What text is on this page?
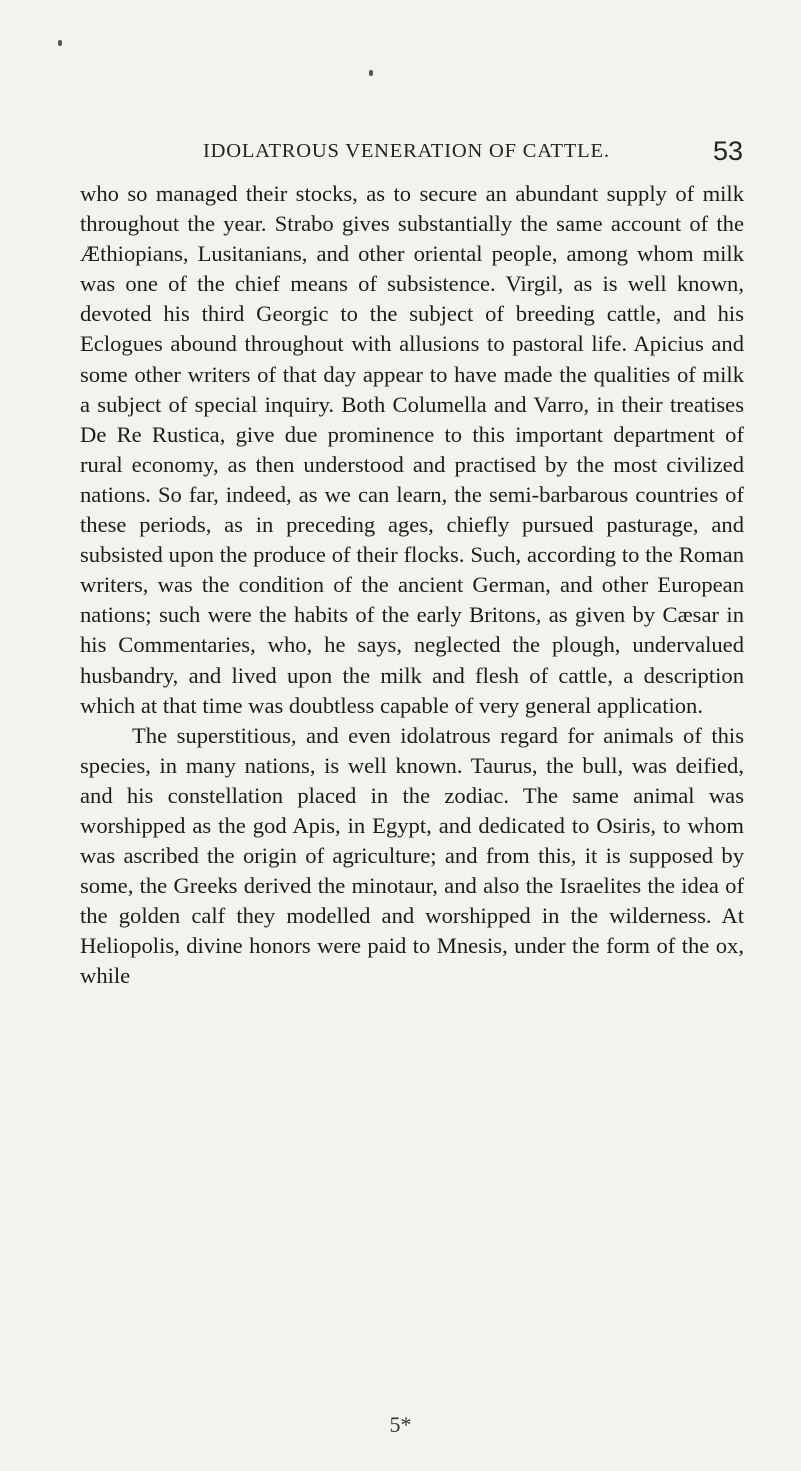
IDOLATROUS VENERATION OF CATTLE.	53

who so managed their stocks, as to secure an abundant supply of milk throughout the year. Strabo gives substantially the same account of the Æthiopians, Lusitanians, and other oriental people, among whom milk was one of the chief means of subsistence. Virgil, as is well known, devoted his third Georgic to the subject of breeding cattle, and his Eclogues abound throughout with allusions to pastoral life. Apicius and some other writers of that day appear to have made the qualities of milk a subject of special inquiry. Both Columella and Varro, in their treatises De Re Rustica, give due prominence to this important department of rural economy, as then understood and practised by the most civilized nations. So far, indeed, as we can learn, the semi-barbarous countries of these periods, as in preceding ages, chiefly pursued pasturage, and subsisted upon the produce of their flocks. Such, according to the Roman writers, was the condition of the ancient German, and other European nations; such were the habits of the early Britons, as given by Cæsar in his Commentaries, who, he says, neglected the plough, undervalued husbandry, and lived upon the milk and flesh of cattle, a description which at that time was doubtless capable of very general application.

The superstitious, and even idolatrous regard for animals of this species, in many nations, is well known. Taurus, the bull, was deified, and his constellation placed in the zodiac. The same animal was worshipped as the god Apis, in Egypt, and dedicated to Osiris, to whom was ascribed the origin of agriculture; and from this, it is supposed by some, the Greeks derived the minotaur, and also the Israelites the idea of the golden calf they modelled and worshipped in the wilderness. At Heliopolis, divine honors were paid to Mnesis, under the form of the ox, while

5*
